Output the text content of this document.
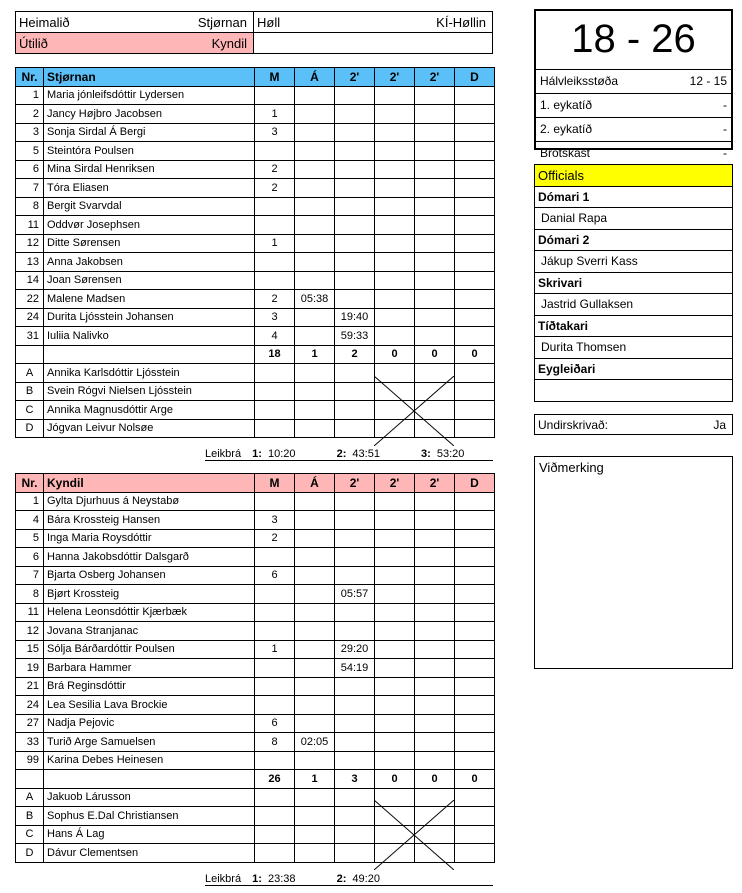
Heimalið	Stjørnan Høll	KÍ-Høllin
Útilið	Kyndil
Nr.	Stjørnan	M	Á	2'	2'	2'	D
1	Maria jónleifsdóttir Lydersen						
2	Jancy Højbro Jacobsen	1					
3	Sonja Sirdal Á Bergi	3					
5	Steintóra Poulsen						
6	Mina Sirdal Henriksen	2					
7	Tóra Eliasen	2					
8	Bergit Svarvdal						
11	Oddvør Josephsen						
12	Ditte Sørensen	1					
13	Anna Jakobsen						
14	Joan Sørensen						
22	Malene Madsen	2	05:38				
24	Durita Ljósstein Johansen	3		19:40			
31	Iuliia Nalivko	4		59:33			
		18	1	2	0	0	0
A	Annika Karlsdóttir Ljósstein						
B	Svein Rógvi Nielsen Ljósstein						
C	Annika Magnusdóttir Arge						
D	Jógvan Leivur Nolsøe						
Leikbrá 1: 10:20	2: 43:51	3: 53:20
Nr.	Kyndil	M	Á	2'	2'	2'	D
1	Gylta Djurhuus á Neystabø						
4	Bára Krossteig Hansen	3					
5	Inga Maria Roysdóttir	2					
6	Hanna Jakobsdóttir Dalsgarð						
7	Bjarta Osberg Johansen	6					
8	Bjørt Krossteig			05:57			
11	Helena Leonsdóttir Kjærbæk						
12	Jovana Stranjanac						
15	Sólja Bárðardóttir Poulsen	1		29:20			
19	Barbara Hammer			54:19			
21	Brá Reginsdóttir						
24	Lea Sesilia Lava Brockie						
27	Nadja Pejovic	6					
33	Turið Arge Samuelsen	8	02:05				
99	Karina Debes Heinesen						
		26	1	3	0	0	0
A	Jakuob Lárusson						
B	Sophus E.Dal Christiansen						
C	Hans Á Lag						
D	Dávur Clementsen						
Leikbrá 1: 23:38	2: 49:20
18 - 26
Hálvleiksstøða	12 - 15
1. eykatíð	-
2. eykatíð	-
Brotskast	-
Officials
Dómari 1
Danial Rapa
Dómari 2
Jákup Sverri Kass
Skrivari
Jastrid Gullaksen
Tíðtakari
Durita Thomsen
Eygleiðari
Undirskrivað:	Ja
Viðmerking
